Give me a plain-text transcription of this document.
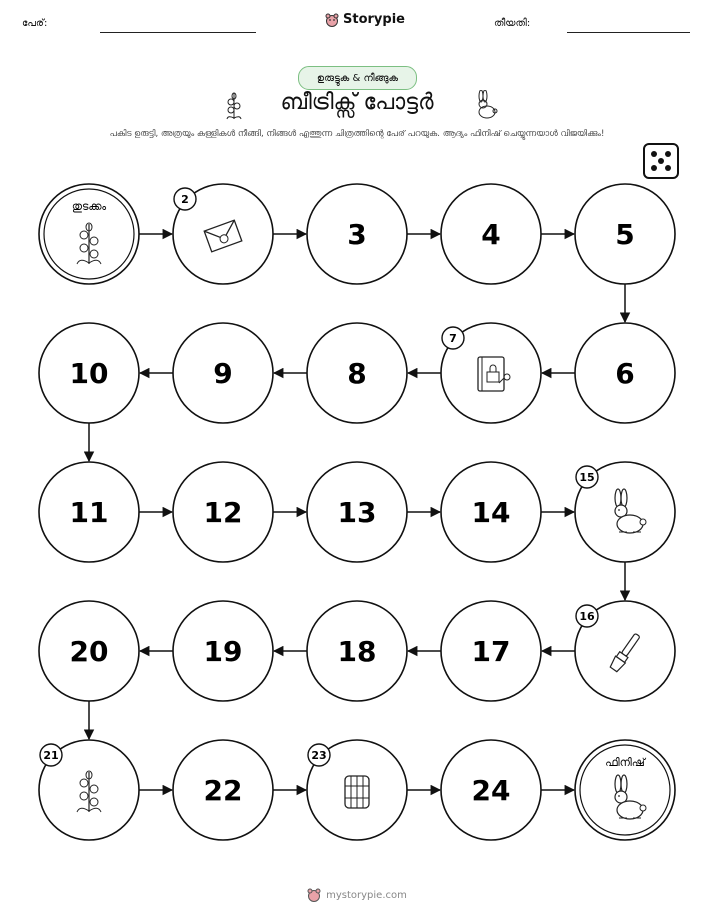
പേര്:	Storypie	തീയതി:
ഉരുട്ടുക & നീങ്ങുക
ബീട്രിക്സ് പോട്ടർ
പകിട ഉരുട്ടി, അത്രയും കള്ളികൾ നീങ്ങി, നിങ്ങൾ എത്തുന്ന ചിത്രത്തിന്റെ പേര് പറയുക. ആദ്യം ഫിനിഷ് ചെയ്യുന്നയാൾ വിജയിക്കും!
തുടക്കം
2
3	4	5
6
7
8
9
10
11	12	13	14
15
16
17
18
19
20
21
22
23
24
ഫിനിഷ്
mystorypie.com
